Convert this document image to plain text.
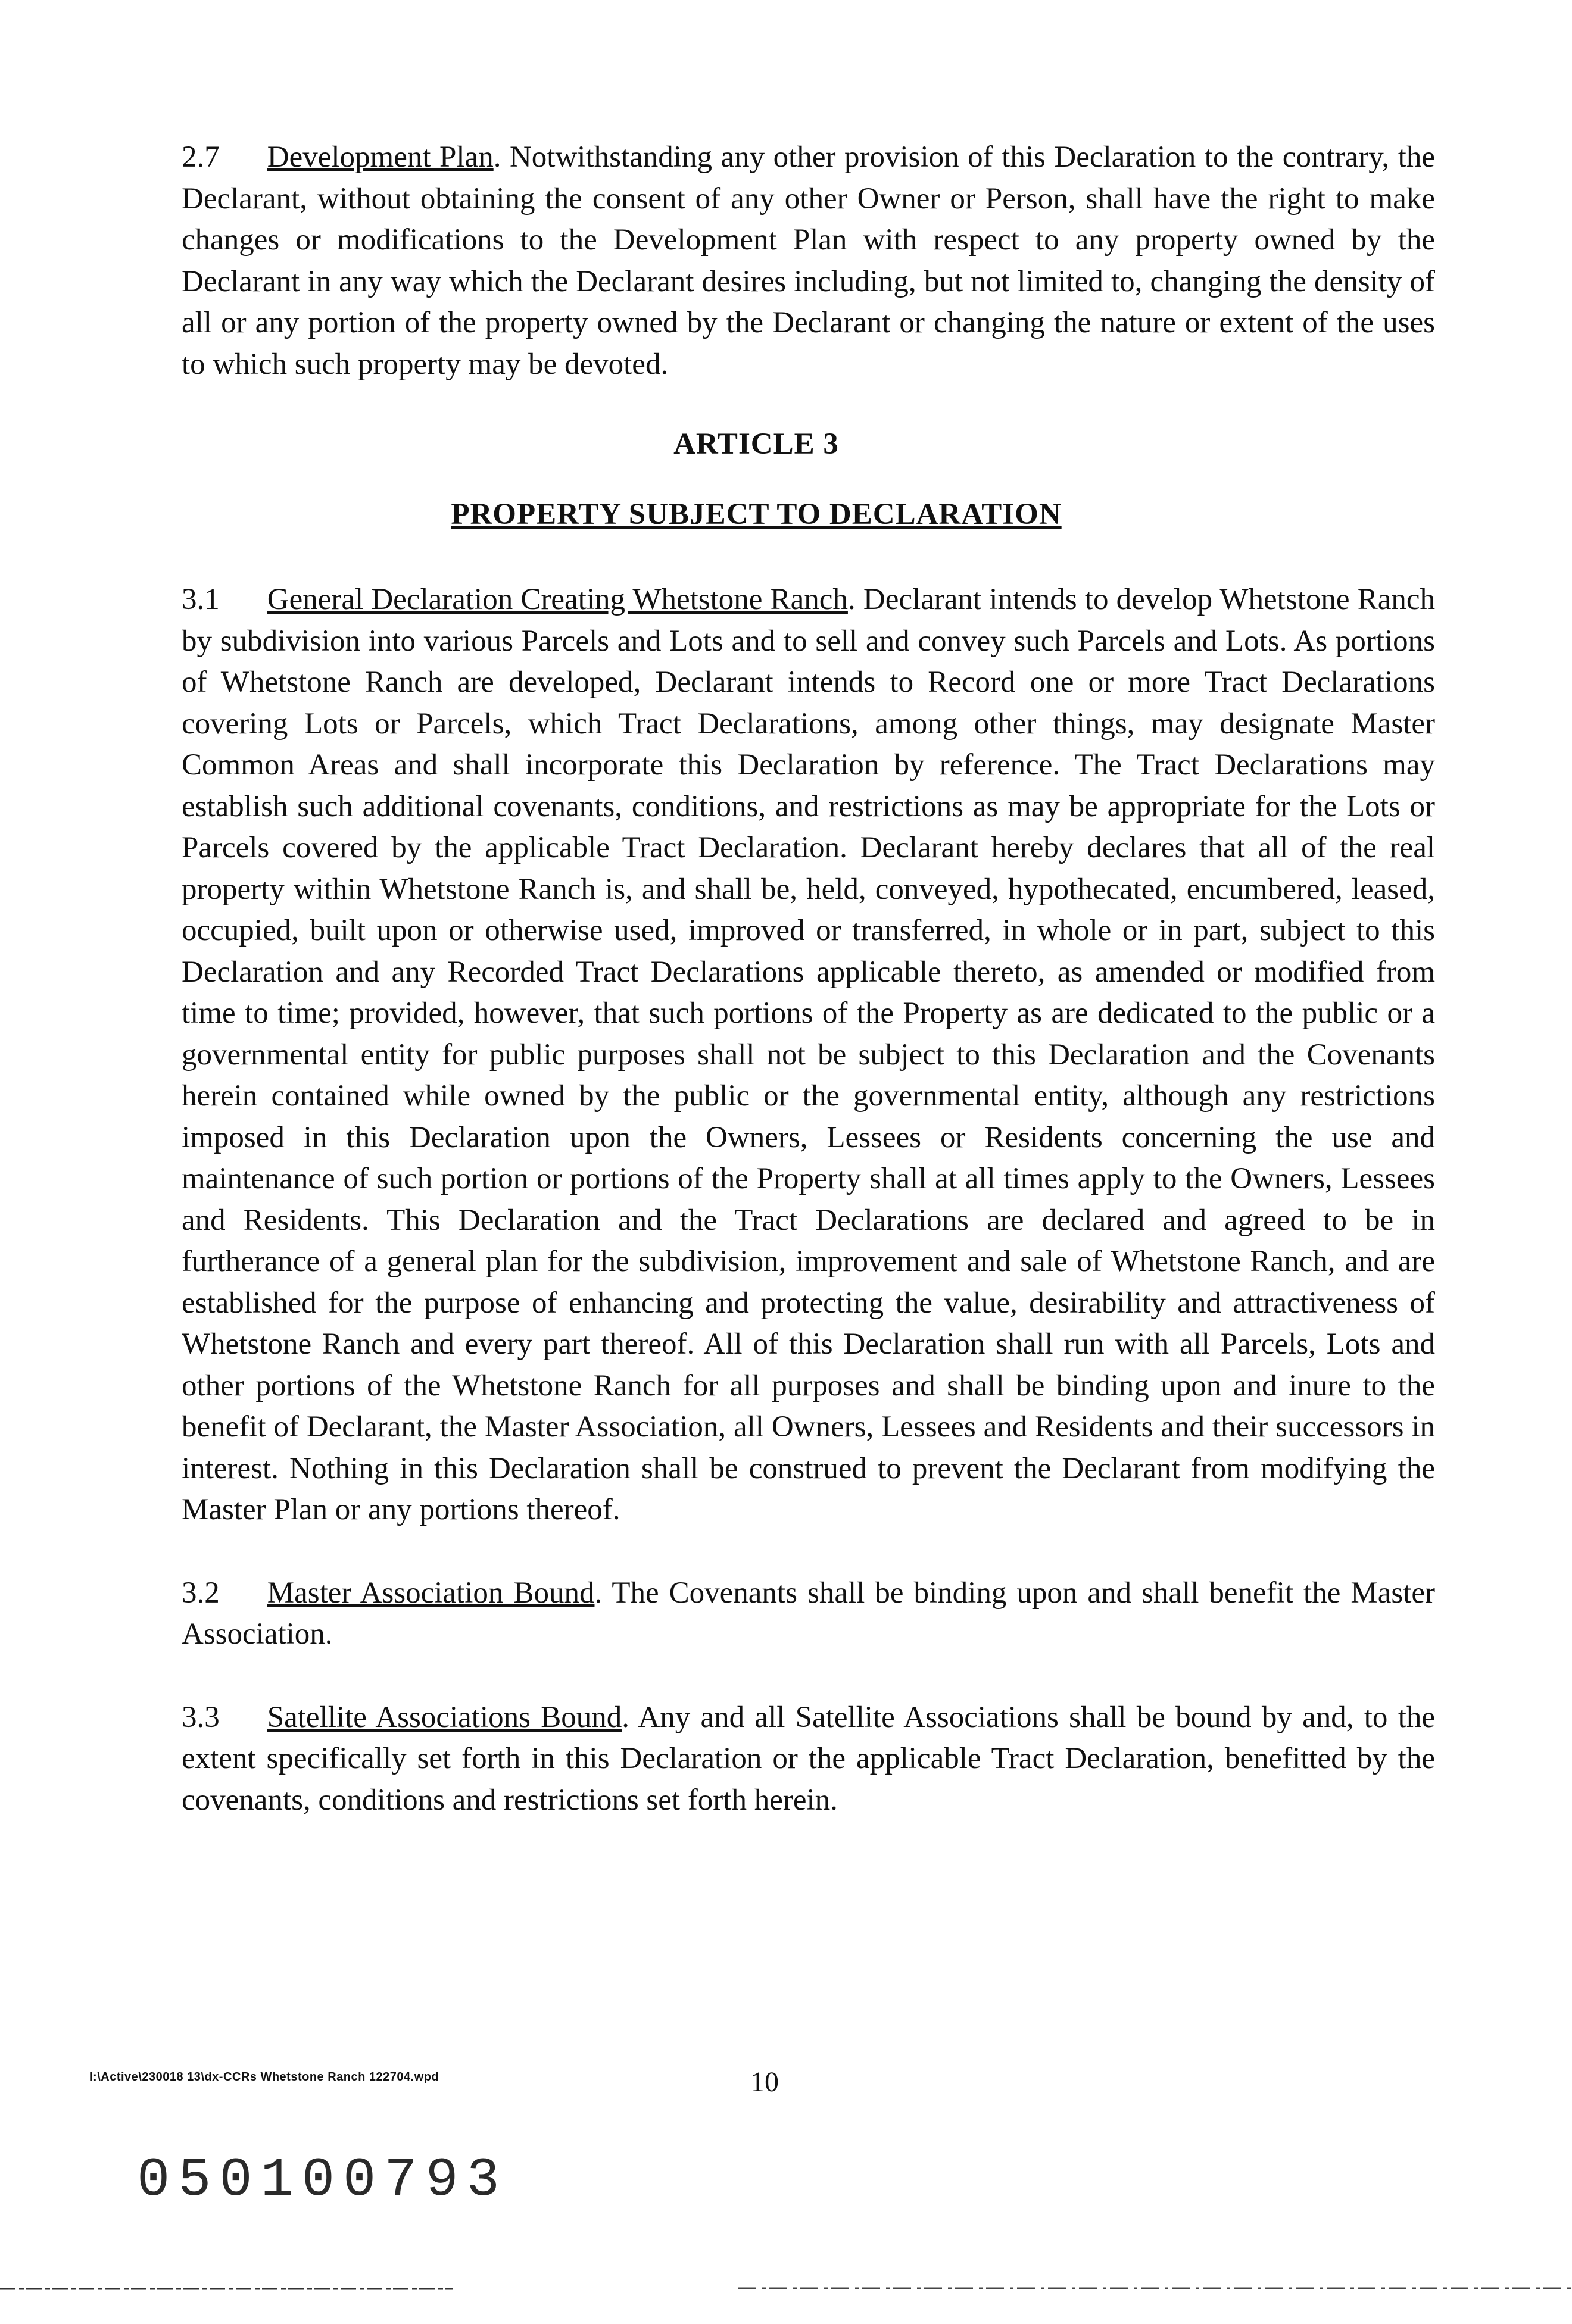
2.7 Development Plan. Notwithstanding any other provision of this Declaration to the contrary, the Declarant, without obtaining the consent of any other Owner or Person, shall have the right to make changes or modifications to the Development Plan with respect to any property owned by the Declarant in any way which the Declarant desires including, but not limited to, changing the density of all or any portion of the property owned by the Declarant or changing the nature or extent of the uses to which such property may be devoted.

ARTICLE 3

PROPERTY SUBJECT TO DECLARATION

3.1 General Declaration Creating Whetstone Ranch. Declarant intends to develop Whetstone Ranch by subdivision into various Parcels and Lots and to sell and convey such Parcels and Lots. As portions of Whetstone Ranch are developed, Declarant intends to Record one or more Tract Declarations covering Lots or Parcels, which Tract Declarations, among other things, may designate Master Common Areas and shall incorporate this Declaration by reference. The Tract Declarations may establish such additional covenants, conditions, and restrictions as may be appropriate for the Lots or Parcels covered by the applicable Tract Declaration. Declarant hereby declares that all of the real property within Whetstone Ranch is, and shall be, held, conveyed, hypothecated, encumbered, leased, occupied, built upon or otherwise used, improved or transferred, in whole or in part, subject to this Declaration and any Recorded Tract Declarations applicable thereto, as amended or modified from time to time; provided, however, that such portions of the Property as are dedicated to the public or a governmental entity for public purposes shall not be subject to this Declaration and the Covenants herein contained while owned by the public or the governmental entity, although any restrictions imposed in this Declaration upon the Owners, Lessees or Residents concerning the use and maintenance of such portion or portions of the Property shall at all times apply to the Owners, Lessees and Residents. This Declaration and the Tract Declarations are declared and agreed to be in furtherance of a general plan for the subdivision, improvement and sale of Whetstone Ranch, and are established for the purpose of enhancing and protecting the value, desirability and attractiveness of Whetstone Ranch and every part thereof. All of this Declaration shall run with all Parcels, Lots and other portions of the Whetstone Ranch for all purposes and shall be binding upon and inure to the benefit of Declarant, the Master Association, all Owners, Lessees and Residents and their successors in interest. Nothing in this Declaration shall be construed to prevent the Declarant from modifying the Master Plan or any portions thereof.

3.2 Master Association Bound. The Covenants shall be binding upon and shall benefit the Master Association.

3.3 Satellite Associations Bound. Any and all Satellite Associations shall be bound by and, to the extent specifically set forth in this Declaration or the applicable Tract Declaration, benefitted by the covenants, conditions and restrictions set forth herein.

I:\Active\230018 13\dx-CCRs Whetstone Ranch 122704.wpd	10
050100793
